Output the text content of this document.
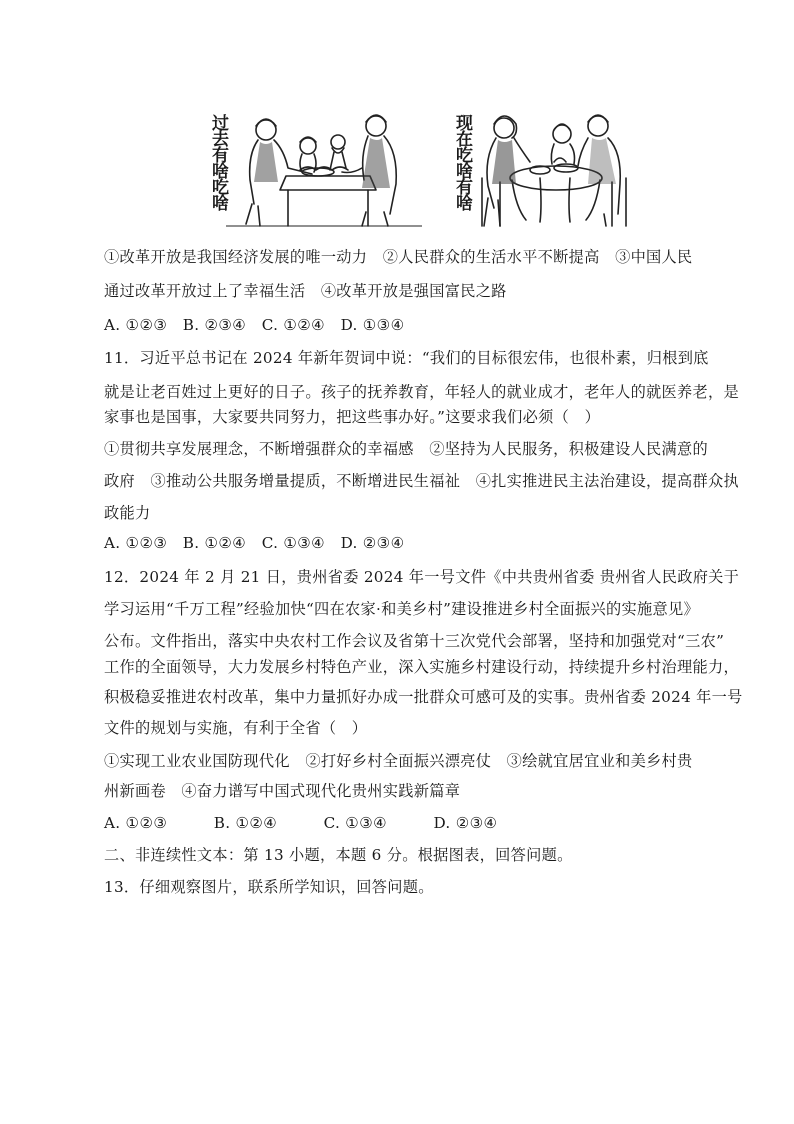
过去有啥吃啥	现在吃啥有啥
①改革开放是我国经济发展的唯一动力　②人民群众的生活水平不断提高　③中国人民
通过改革开放过上了幸福生活　④改革开放是强国富民之路
A. ①②③　B. ②③④　C. ①②④　D. ①③④
11．习近平总书记在 2024 年新年贺词中说：“我们的目标很宏伟，也很朴素，归根到底
就是让老百姓过上更好的日子。孩子的抚养教育，年轻人的就业成才，老年人的就医养老，是
家事也是国事，大家要共同努力，把这些事办好。”这要求我们必须（　）
①贯彻共享发展理念，不断增强群众的幸福感　②坚持为人民服务，积极建设人民满意的
政府　③推动公共服务增量提质，不断增进民生福祉　④扎实推进民主法治建设，提高群众执
政能力
A. ①②③　B. ①②④　C. ①③④　D. ②③④
12．2024 年 2 月 21 日，贵州省委 2024 年一号文件《中共贵州省委 贵州省人民政府关于
学习运用“千万工程”经验加快“四在农家·和美乡村”建设推进乡村全面振兴的实施意见》
公布。文件指出，落实中央农村工作会议及省第十三次党代会部署，坚持和加强党对“三农”
工作的全面领导，大力发展乡村特色产业，深入实施乡村建设行动，持续提升乡村治理能力，
积极稳妥推进农村改革，集中力量抓好办成一批群众可感可及的实事。贵州省委 2024 年一号
文件的规划与实施，有利于全省（　）
①实现工业农业国防现代化　②打好乡村全面振兴漂亮仗　③绘就宜居宜业和美乡村贵
州新画卷　④奋力谱写中国式现代化贵州实践新篇章
A. ①②③　　　B. ①②④　　　C. ①③④　　　D. ②③④
二、非连续性文本：第 13 小题，本题 6 分。根据图表，回答问题。
13．仔细观察图片，联系所学知识，回答问题。
